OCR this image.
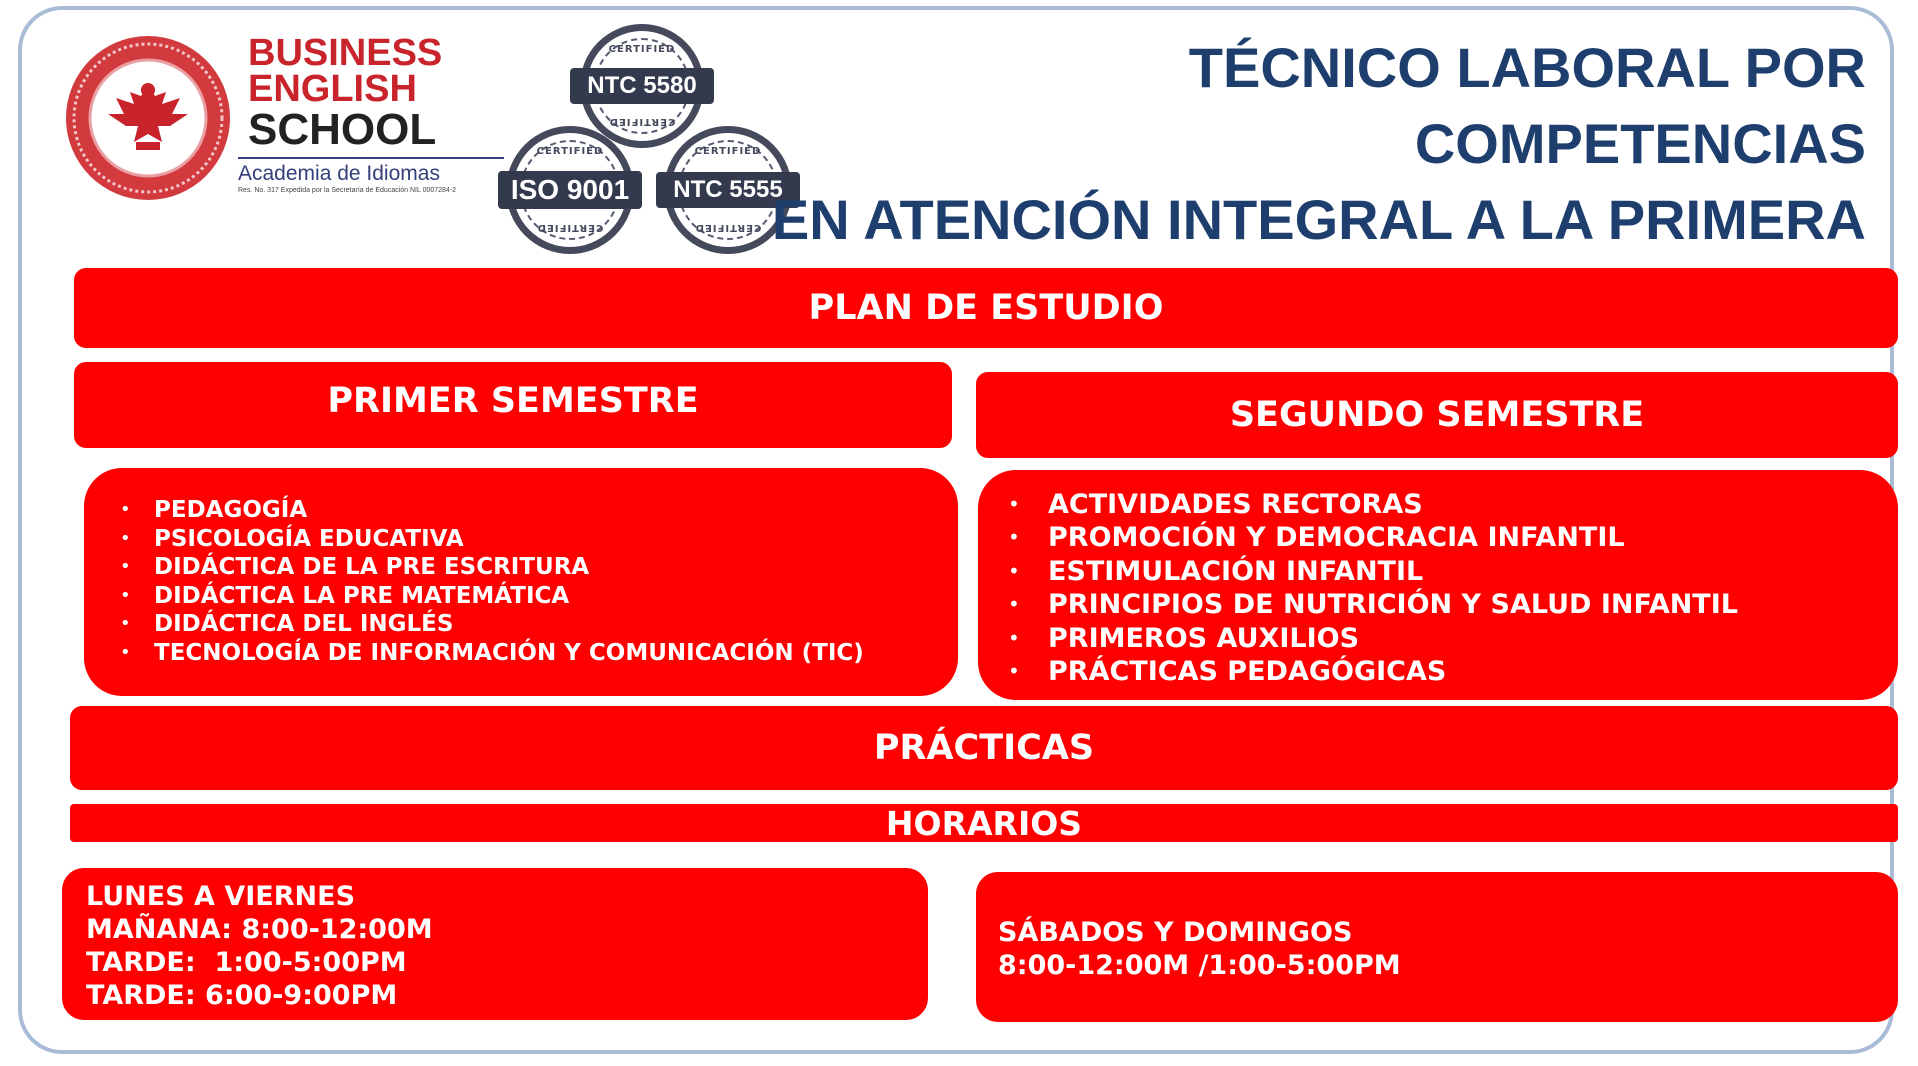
BUSINESS
ENGLISH
SCHOOL
Academia de Idiomas
Res. No. 317 Expedida por la Secretaría de Educación NIL 0007284-2
CERTIFIED
NTC 5580
CERTIFIED
CERTIFIED
ISO 9001
CERTIFIED
CERTIFIED
NTC 5555
CERTIFIED
TÉCNICO LABORAL POR COMPETENCIAS
EN ATENCIÓN INTEGRAL A LA PRIMERA
PLAN DE ESTUDIO
PRIMER SEMESTRE	SEGUNDO SEMESTRE
• PEDAGOGÍA
• PSICOLOGÍA EDUCATIVA
• DIDÁCTICA DE LA PRE ESCRITURA
• DIDÁCTICA LA PRE MATEMÁTICA
• DIDÁCTICA DEL INGLÉS
• TECNOLOGÍA DE INFORMACIÓN Y COMUNICACIÓN (TIC)
• ACTIVIDADES RECTORAS
• PROMOCIÓN Y DEMOCRACIA INFANTIL
• ESTIMULACIÓN INFANTIL
• PRINCIPIOS DE NUTRICIÓN Y SALUD INFANTIL
• PRIMEROS AUXILIOS
• PRÁCTICAS PEDAGÓGICAS
PRÁCTICAS
HORARIOS
LUNES A VIERNES
MAÑANA: 8:00-12:00M
TARDE:  1:00-5:00PM
TARDE: 6:00-9:00PM
SÁBADOS Y DOMINGOS
8:00-12:00M /1:00-5:00PM
